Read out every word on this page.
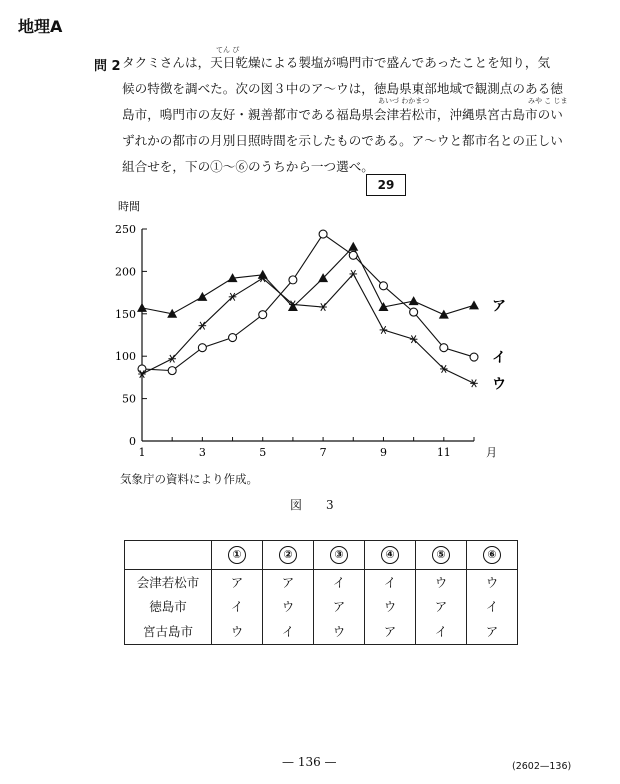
地理A
問 2
てん ぴ
あいづ わかまつ	みや こ じま
タクミさんは，天日乾燥による製塩が鳴門市で盛んであったことを知り，気
候の特徴を調べた。次の図３中のア～ウは，徳島県東部地域で観測点のある徳
島市，鳴門市の友好・親善都市である福島県会津若松市，沖縄県宮古島市のい
ずれかの都市の月別日照時間を示したものである。ア～ウと都市名との正しい
組合せを，下の①～⑥のうちから一つ選べ。
29
0
50
100
150
200
250
1	3	5	7	9	11	月
時間
ア
イ
ウ
気象庁の資料により作成。
図　3
	①	②	③	④	⑤	⑥
会津若松市	ア	ア	イ	イ	ウ	ウ
徳島市	イ	ウ	ア	ウ	ア	イ
宮古島市	ウ	イ	ウ	ア	イ	ア
— 136 —	(2602—136)
